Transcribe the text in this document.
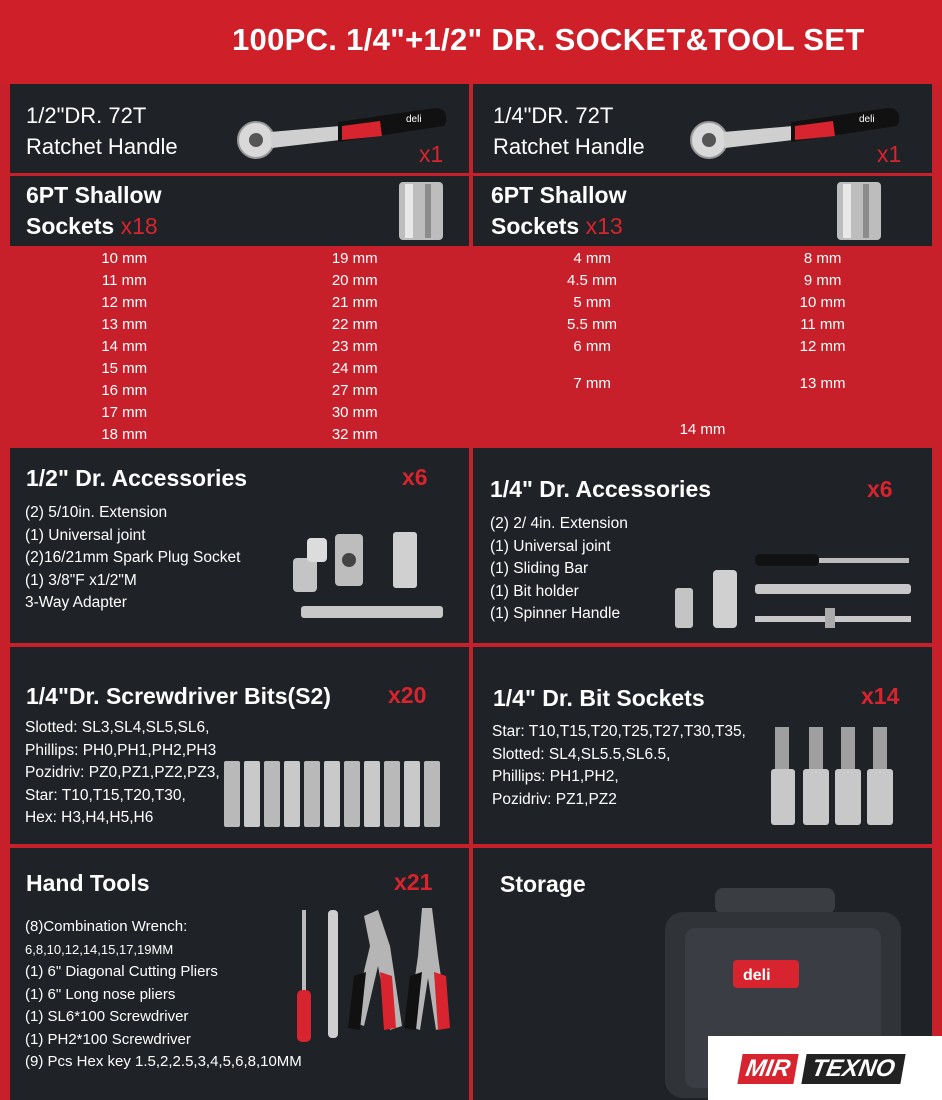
100PC. 1/4"+1/2" DR. SOCKET&TOOL SET
1/2"DR. 72T
Ratchet Handle
deli
x1
1/4"DR. 72T
Ratchet Handle
deli
x1
6PT Shallow
Sockets x18
6PT Shallow
Sockets x13
10 mm	19 mm
11 mm	20 mm
12 mm	21 mm
13 mm	22 mm
14 mm	23 mm
15 mm	24 mm
16 mm	27 mm
17 mm	30 mm
18 mm	32 mm
4 mm	8 mm
4.5 mm	9 mm
5 mm	10 mm
5.5 mm	11 mm
6 mm	12 mm
7 mm	13 mm
14 mm	
1/2" Dr. Accessories	x6
(2) 5/10in. Extension
(1) Universal joint
(2)16/21mm Spark Plug Socket
(1) 3/8"F x1/2"M
3-Way Adapter
1/4" Dr. Accessories	x6
(2) 2/ 4in. Extension
(1) Universal joint
(1) Sliding Bar
(1) Bit holder
(1) Spinner Handle
1/4"Dr. Screwdriver Bits(S2) x20
Slotted: SL3,SL4,SL5,SL6,
Phillips: PH0,PH1,PH2,PH3
Pozidriv: PZ0,PZ1,PZ2,PZ3,
Star: T10,T15,T20,T30,
Hex: H3,H4,H5,H6
1/4" Dr. Bit Sockets	x14
Star: T10,T15,T20,T25,T27,T30,T35,
Slotted: SL4,SL5.5,SL6.5,
Phillips: PH1,PH2,
Pozidriv: PZ1,PZ2
Hand Tools	x21
(8)Combination Wrench:
6,8,10,12,14,15,17,19MM
(1) 6" Diagonal Cutting Pliers
(1) 6" Long nose pliers
(1) SL6*100 Screwdriver
(1) PH2*100 Screwdriver
(9) Pcs Hex key 1.5,2,2.5,3,4,5,6,8,10MM
Storage
deli
MIR TEXNO
